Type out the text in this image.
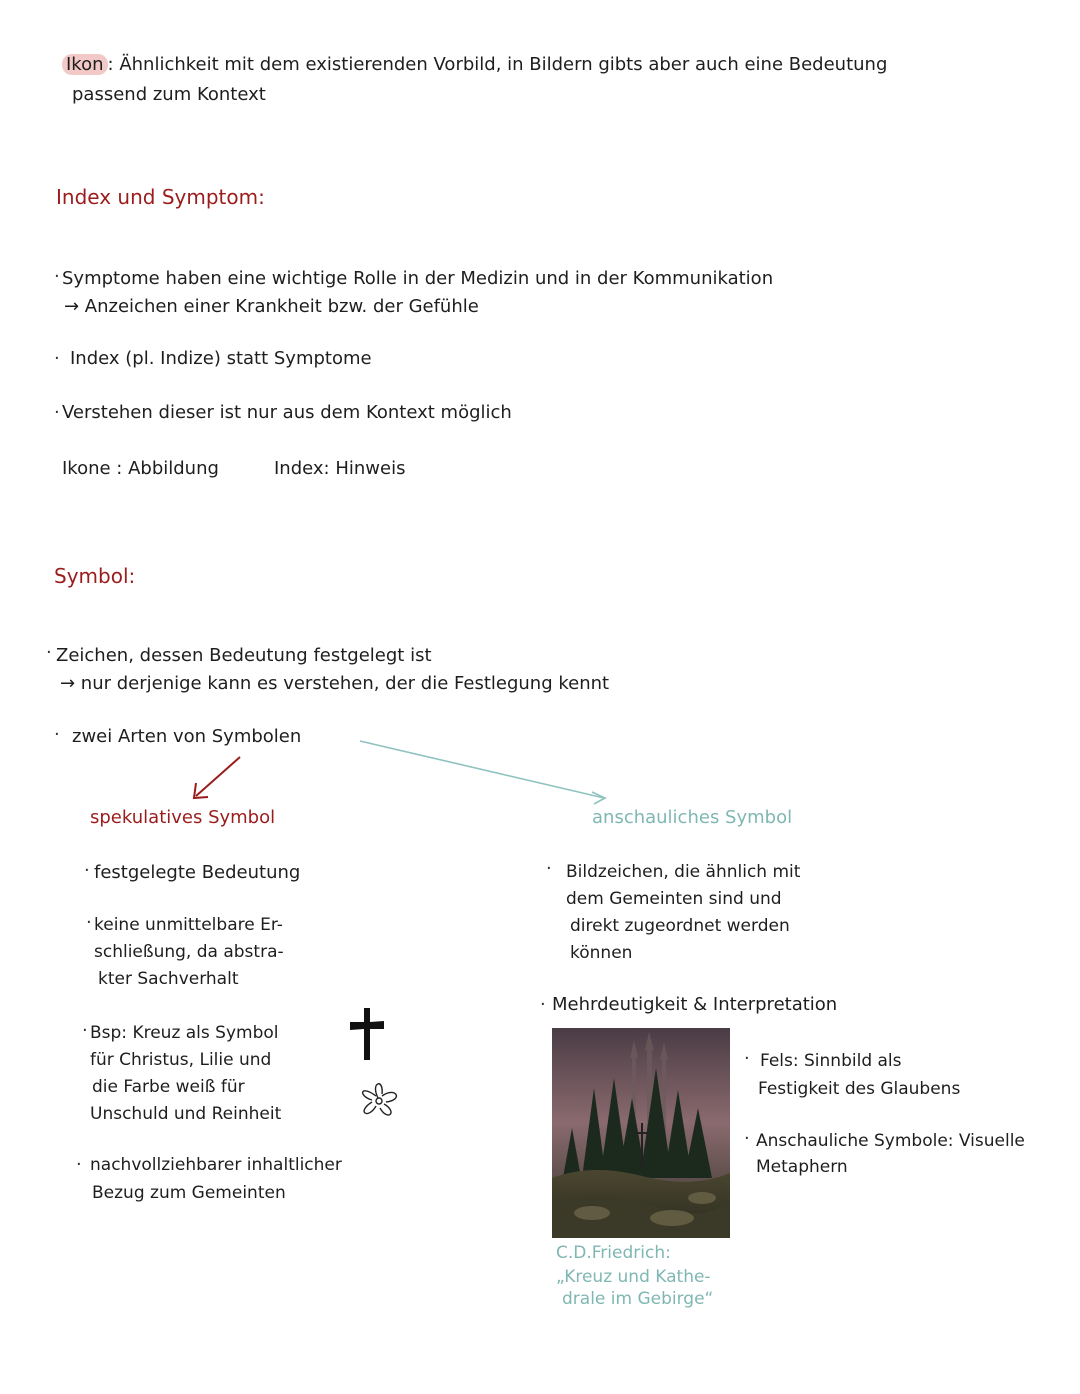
Ikon : Ähnlichkeit mit dem existierenden Vorbild, in Bildern gibts aber auch eine Bedeutung
passend zum Kontext
Index und Symptom:
· Symptome haben eine wichtige Rolle in der Medizin und in der Kommunikation
→ Anzeichen einer Krankheit bzw. der Gefühle
· Index (pl. Indize) statt Symptome
· Verstehen dieser ist nur aus dem Kontext möglich
Ikone : Abbildung	Index: Hinweis
Symbol:
· Zeichen, dessen Bedeutung festgelegt ist
→ nur derjenige kann es verstehen, der die Festlegung kennt
· zwei Arten von Symbolen
spekulatives Symbol
· festgelegte Bedeutung
· keine unmittelbare Er-
schließung, da abstra-
kter Sachverhalt
· Bsp: Kreuz als Symbol
für Christus, Lilie und
die Farbe weiß für
Unschuld und Reinheit
· nachvollziehbarer inhaltlicher
Bezug zum Gemeinten
anschauliches Symbol
· Bildzeichen, die ähnlich mit
dem Gemeinten sind und
direkt zugeordnet werden
können
· Mehrdeutigkeit & Interpretation
C.D.Friedrich:
„Kreuz und Kathe-
drale im Gebirge“
· Fels: Sinnbild als
Festigkeit des Glaubens
· Anschauliche Symbole: Visuelle
Metaphern
